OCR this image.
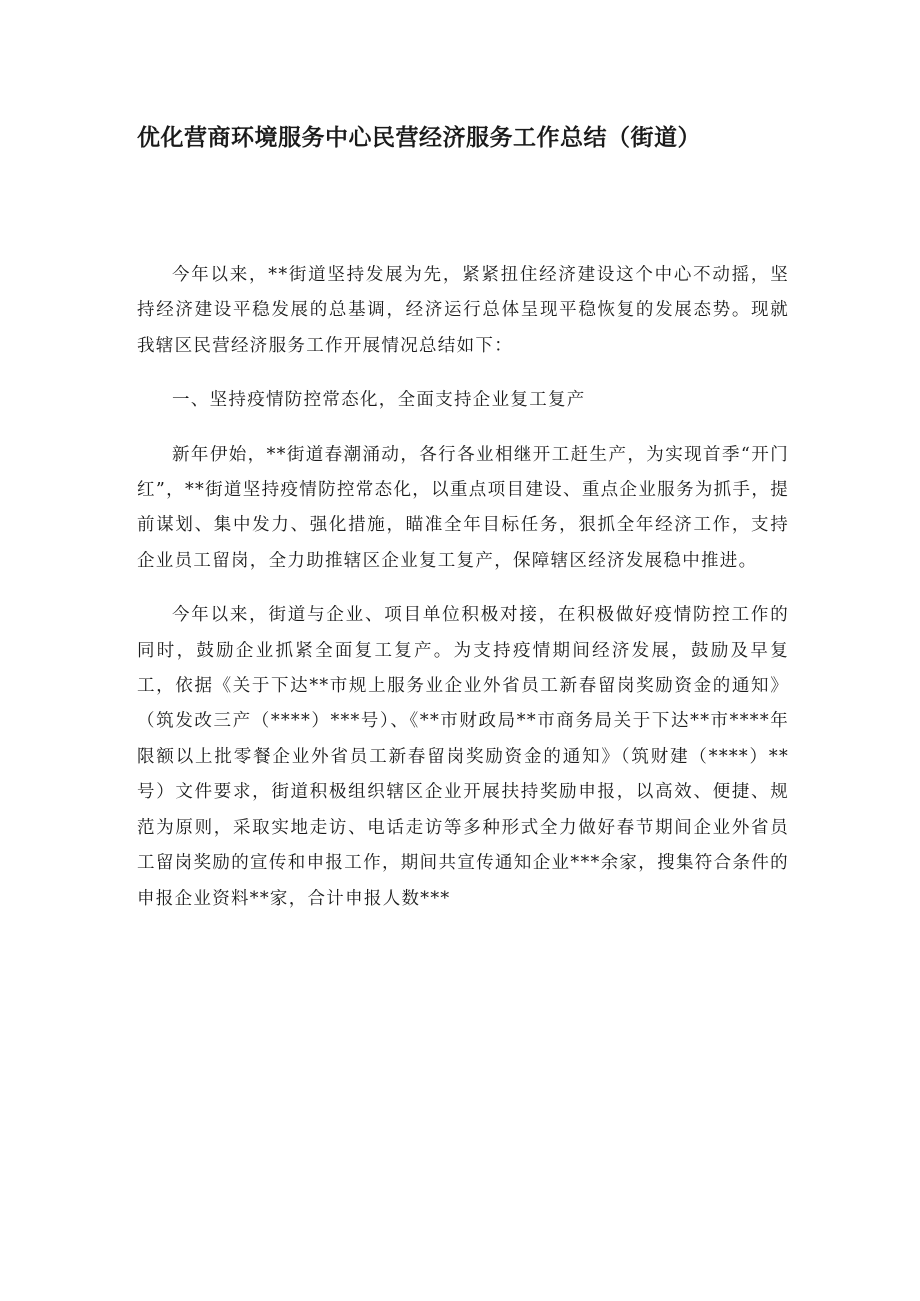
优化营商环境服务中心民营经济服务工作总结（街道）

今年以来，**街道坚持发展为先，紧紧扭住经济建设这个中心不动摇，坚持经济建设平稳发展的总基调，经济运行总体呈现平稳恢复的发展态势。现就我辖区民营经济服务工作开展情况总结如下：

一、坚持疫情防控常态化，全面支持企业复工复产

新年伊始，**街道春潮涌动，各行各业相继开工赶生产，为实现首季“开门红”，**街道坚持疫情防控常态化，以重点项目建设、重点企业服务为抓手，提前谋划、集中发力、强化措施，瞄准全年目标任务，狠抓全年经济工作，支持企业员工留岗，全力助推辖区企业复工复产，保障辖区经济发展稳中推进。

今年以来，街道与企业、项目单位积极对接，在积极做好疫情防控工作的同时，鼓励企业抓紧全面复工复产。为支持疫情期间经济发展，鼓励及早复工，依据《关于下达**市规上服务业企业外省员工新春留岗奖励资金的通知》（筑发改三产（****）***号）、《**市财政局**市商务局关于下达**市****年限额以上批零餐企业外省员工新春留岗奖励资金的通知》（筑财建（****）**号）文件要求，街道积极组织辖区企业开展扶持奖励申报，以高效、便捷、规范为原则，采取实地走访、电话走访等多种形式全力做好春节期间企业外省员工留岗奖励的宣传和申报工作，期间共宣传通知企业***余家，搜集符合条件的申报企业资料**家，合计申报人数***
